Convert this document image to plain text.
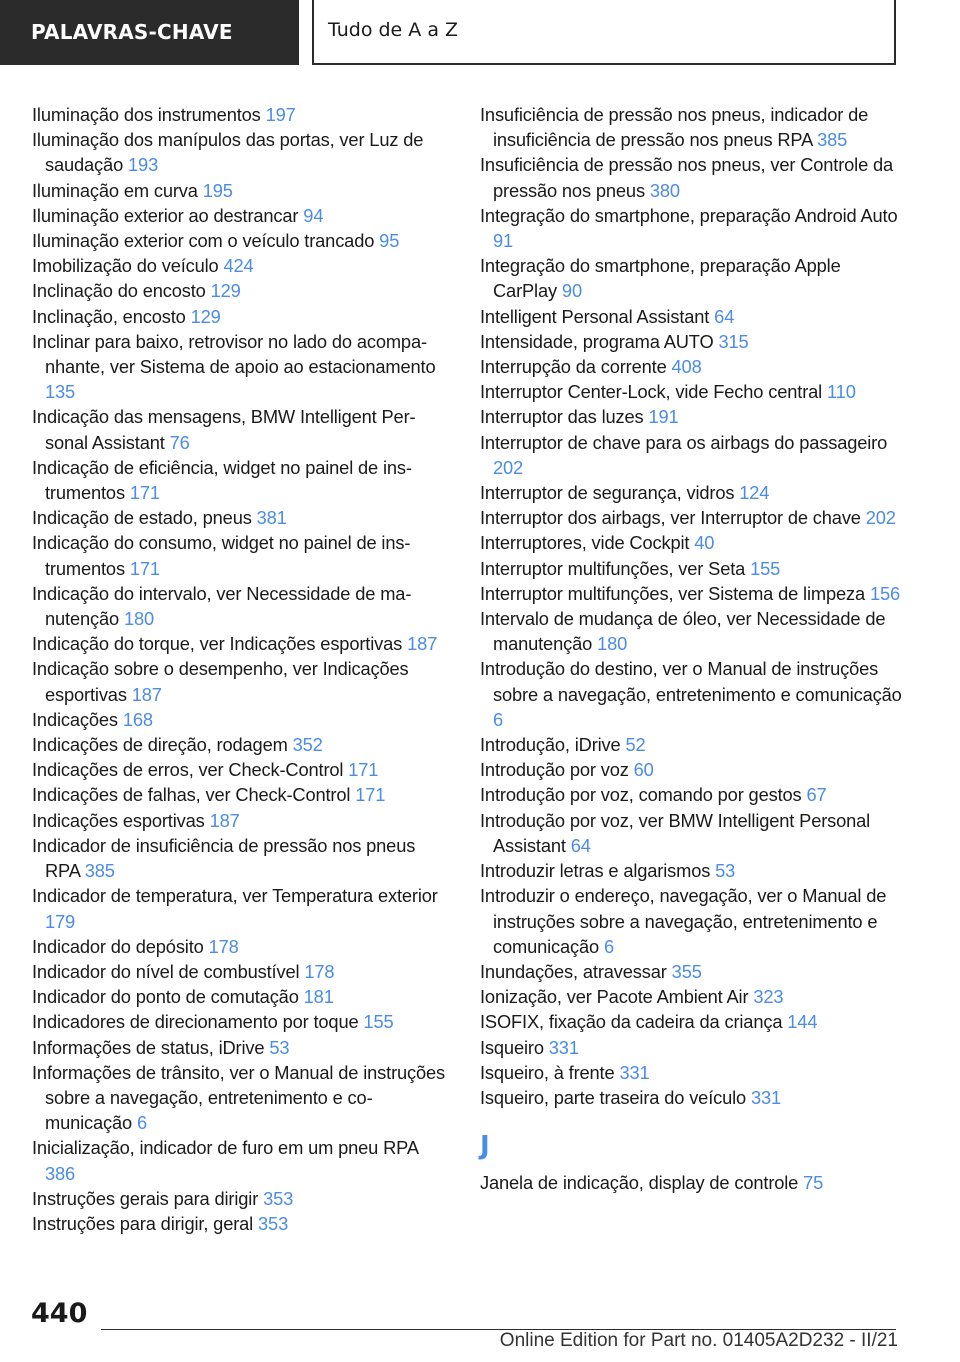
PALAVRAS-CHAVE	Tudo de A a Z
Iluminação dos instrumentos 197
Iluminação dos manípulos das portas, ver Luz de saudação 193
Iluminação em curva 195
Iluminação exterior ao destrancar 94
Iluminação exterior com o veículo trancado 95
Imobilização do veículo 424
Inclinação do encosto 129
Inclinação, encosto 129
Inclinar para baixo, retrovisor no lado do acompanhante, ver Sistema de apoio ao estacionamento 135
Indicação das mensagens, BMW Intelligent Personal Assistant 76
Indicação de eficiência, widget no painel de instrumentos 171
Indicação de estado, pneus 381
Indicação do consumo, widget no painel de instrumentos 171
Indicação do intervalo, ver Necessidade de manutenção 180
Indicação do torque, ver Indicações esportivas 187
Indicação sobre o desempenho, ver Indicações esportivas 187
Indicações 168
Indicações de direção, rodagem 352
Indicações de erros, ver Check-Control 171
Indicações de falhas, ver Check-Control 171
Indicações esportivas 187
Indicador de insuficiência de pressão nos pneus RPA 385
Indicador de temperatura, ver Temperatura exterior 179
Indicador do depósito 178
Indicador do nível de combustível 178
Indicador do ponto de comutação 181
Indicadores de direcionamento por toque 155
Informações de status, iDrive 53
Informações de trânsito, ver o Manual de instruções sobre a navegação, entretenimento e comunicação 6
Inicialização, indicador de furo em um pneu RPA 386
Instruções gerais para dirigir 353
Instruções para dirigir, geral 353
Insuficiência de pressão nos pneus, indicador de insuficiência de pressão nos pneus RPA 385
Insuficiência de pressão nos pneus, ver Controle da pressão nos pneus 380
Integração do smartphone, preparação Android Auto 91
Integração do smartphone, preparação Apple CarPlay 90
Intelligent Personal Assistant 64
Intensidade, programa AUTO 315
Interrupção da corrente 408
Interruptor Center-Lock, vide Fecho central 110
Interruptor das luzes 191
Interruptor de chave para os airbags do passageiro 202
Interruptor de segurança, vidros 124
Interruptor dos airbags, ver Interruptor de chave 202
Interruptores, vide Cockpit 40
Interruptor multifunções, ver Seta 155
Interruptor multifunções, ver Sistema de limpeza 156
Intervalo de mudança de óleo, ver Necessidade de manutenção 180
Introdução do destino, ver o Manual de instruções sobre a navegação, entretenimento e comunicação 6
Introdução, iDrive 52
Introdução por voz 60
Introdução por voz, comando por gestos 67
Introdução por voz, ver BMW Intelligent Personal Assistant 64
Introduzir letras e algarismos 53
Introduzir o endereço, navegação, ver o Manual de instruções sobre a navegação, entretenimento e comunicação 6
Inundações, atravessar 355
Ionização, ver Pacote Ambient Air 323
ISOFIX, fixação da cadeira da criança 144
Isqueiro 331
Isqueiro, à frente 331
Isqueiro, parte traseira do veículo 331
J
Janela de indicação, display de controle 75
440
Online Edition for Part no. 01405A2D232 - II/21
